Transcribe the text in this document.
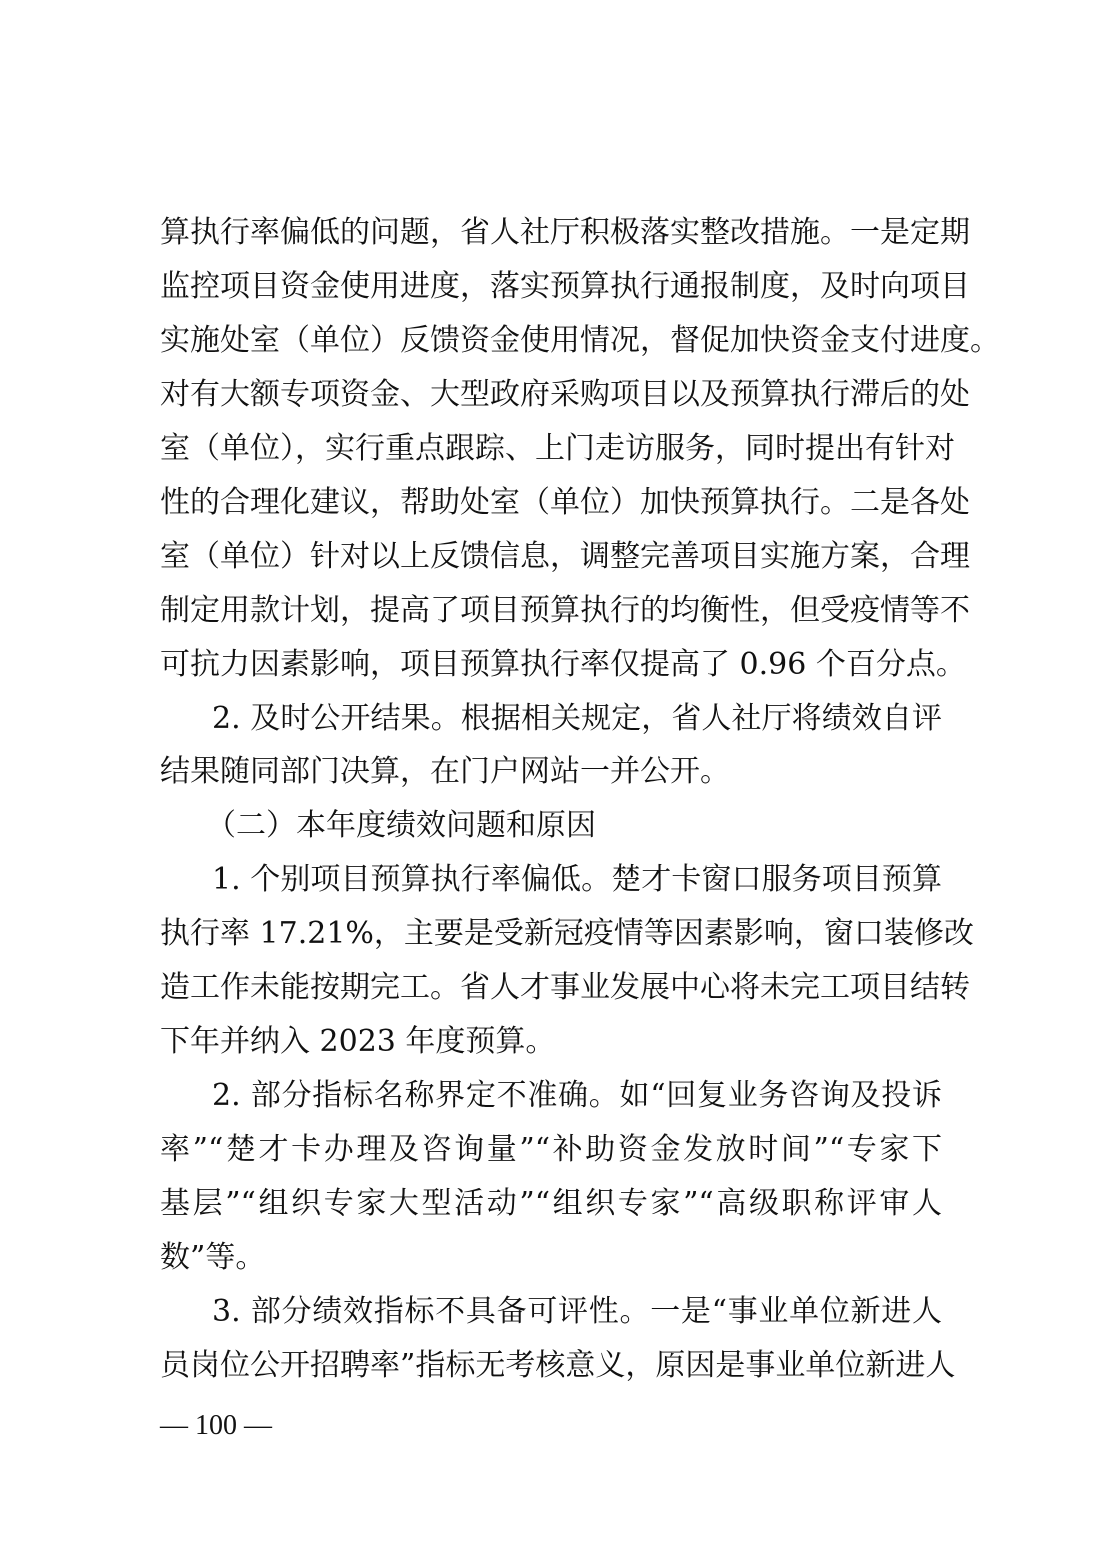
算执行率偏低的问题，省人社厅积极落实整改措施。一是定期
监控项目资金使用进度，落实预算执行通报制度，及时向项目
实施处室（单位）反馈资金使用情况，督促加快资金支付进度。
对有大额专项资金、大型政府采购项目以及预算执行滞后的处
室（单位），实行重点跟踪、上门走访服务，同时提出有针对
性的合理化建议，帮助处室（单位）加快预算执行。二是各处
室（单位）针对以上反馈信息，调整完善项目实施方案，合理
制定用款计划，提高了项目预算执行的均衡性，但受疫情等不
可抗力因素影响，项目预算执行率仅提高了 0.96 个百分点。
2. 及时公开结果。根据相关规定，省人社厅将绩效自评
结果随同部门决算，在门户网站一并公开。
（二）本年度绩效问题和原因
1. 个别项目预算执行率偏低。楚才卡窗口服务项目预算
执行率 17.21%，主要是受新冠疫情等因素影响，窗口装修改
造工作未能按期完工。省人才事业发展中心将未完工项目结转
下年并纳入 2023 年度预算。
2. 部分指标名称界定不准确。如“回复业务咨询及投诉
率”“楚才卡办理及咨询量”“补助资金发放时间”“专家下
基层”“组织专家大型活动”“组织专家”“高级职称评审人
数”等。
3. 部分绩效指标不具备可评性。一是“事业单位新进人
员岗位公开招聘率”指标无考核意义，原因是事业单位新进人
— 100 —
